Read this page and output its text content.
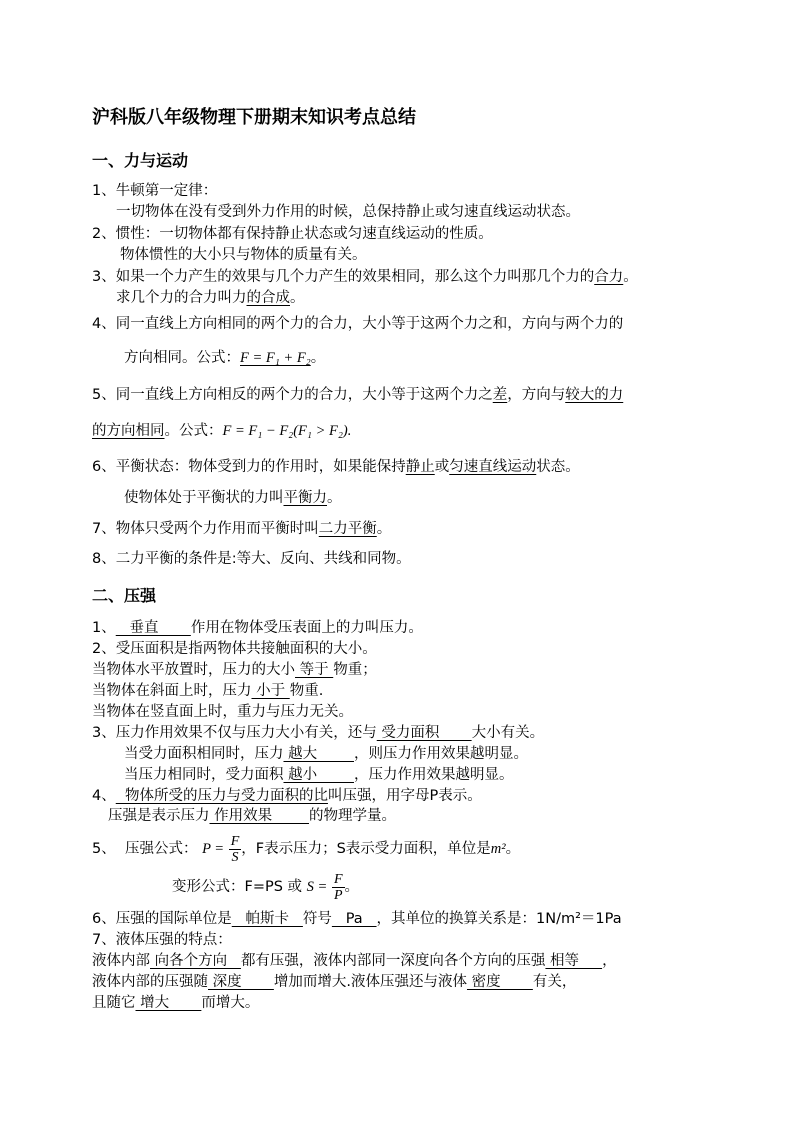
沪科版八年级物理下册期末知识考点总结
一、力与运动
1、牛顿第一定律：
一切物体在没有受到外力作用的时候，总保持静止或匀速直线运动状态。
2、惯性：一切物体都有保持静止状态或匀速直线运动的性质。
物体惯性的大小只与物体的质量有关。
3、如果一个力产生的效果与几个力产生的效果相同，那么这个力叫那几个力的合力。
求几个力的合力叫力的合成。
4、同一直线上方向相同的两个力的合力，大小等于这两个力之和，方向与两个力的
方向相同。公式：F = F₁ + F₂。
5、同一直线上方向相反的两个力的合力，大小等于这两个力之差，方向与较大的力
的方向相同。公式：F = F₁ − F₂(F₁ > F₂).
6、平衡状态：物体受到力的作用时，如果能保持静止或匀速直线运动状态。
使物体处于平衡状的力叫平衡力。
7、物体只受两个力作用而平衡时叫二力平衡。
8、二力平衡的条件是:等大、反向、共线和同物。
二、压强
1、   垂直       作用在物体受压表面上的力叫压力。
2、受压面积是指两物体共接触面积的大小。
当物体水平放置时，压力的大小 等于 物重；
当物体在斜面上时，压力 小于 物重.
当物体在竖直面上时，重力与压力无关。
3、压力作用效果不仅与压力大小有关，还与 受力面积       大小有关。
当受力面积相同时，压力 越大        ，则压力作用效果越明显。
当压力相同时，受力面积 越小        ，压力作用效果越明显。
4、  物体所受的压力与受力面积的比叫压强，用字母P表示。
压强是表示压力 作用效果        的物理学量。
5、  压强公式： $P = \frac{F}{S}$ ，F表示压力；S表示受力面积，单位是m²。
变形公式：F=PS 或 $S = \frac{F}{P}$ 。
6、压强的国际单位是   帕斯卡   符号   Pa   ，其单位的换算关系是：1N/m²＝1Pa
7、液体压强的特点：
液体内部 向各个方向   都有压强，液体内部同一深度向各个方向的压强 相等     ，
液体内部的压强随 深度       增加而增大.液体压强还与液体 密度       有关，
且随它 增大       而增大。
